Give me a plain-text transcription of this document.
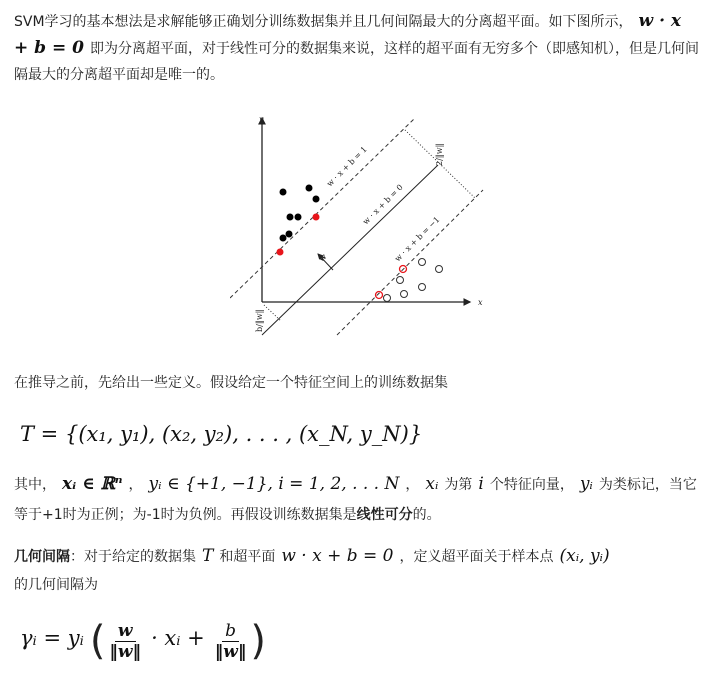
SVM学习的基本想法是求解能够正确划分训练数据集并且几何间隔最大的分离超平面。如下图所示， w · x + b = 0 即为分离超平面，对于线性可分的数据集来说，这样的超平面有无穷多个（即感知机），但是几何间隔最大的分离超平面却是唯一的。
y
x
w
w · x + b = 1
w · x + b = 0
w · x + b = −1
2/‖w‖
b/‖w‖
在推导之前，先给出一些定义。假设给定一个特征空间上的训练数据集
T = {(x₁, y₁), (x₂, y₂), . . . , (x_N, y_N)}
其中， xᵢ ∈ ℝⁿ ， yᵢ ∈ {+1, −1}, i = 1, 2, . . . N ， xᵢ 为第 i 个特征向量， yᵢ 为类标记，当它等于+1时为正例；为-1时为负例。再假设训练数据集是线性可分的。
几何间隔：对于给定的数据集 T 和超平面 w · x + b = 0 ，定义超平面关于样本点 (xᵢ, yᵢ)
的几何间隔为
γᵢ = yᵢ ( $\frac{w}{‖w‖}$ · xᵢ + $\frac{b}{‖w‖}$ )
